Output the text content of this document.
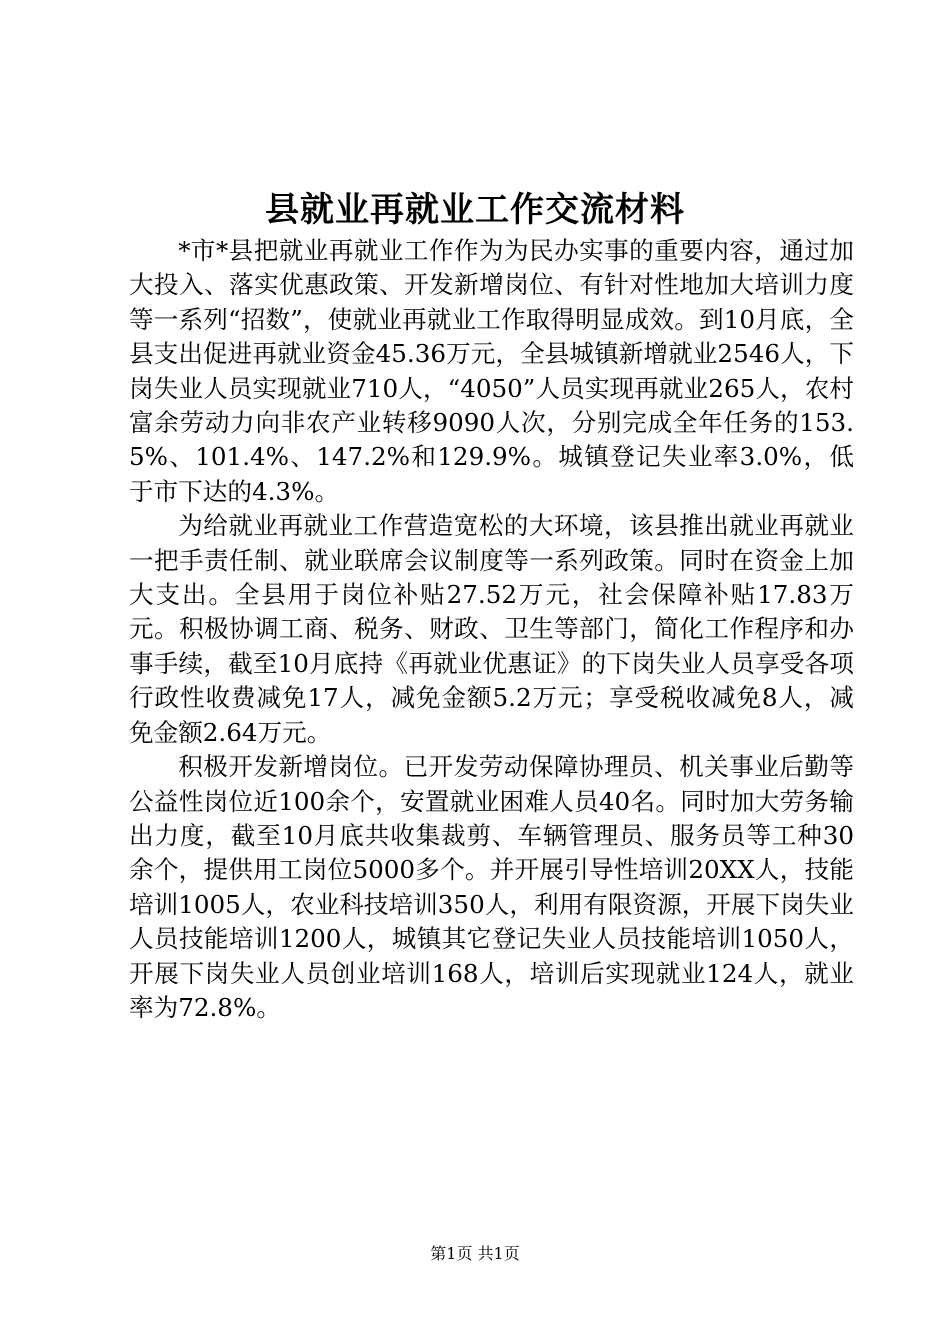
县就业再就业工作交流材料

*市*县把就业再就业工作作为为民办实事的重要内容，通过加大投入、落实优惠政策、开发新增岗位、有针对性地加大培训力度等一系列“招数”，使就业再就业工作取得明显成效。到10月底，全县支出促进再就业资金45.36万元，全县城镇新增就业2546人，下岗失业人员实现就业710人，“4050”人员实现再就业265人，农村富余劳动力向非农产业转移9090人次，分别完成全年任务的153.5%、101.4%、147.2%和129.9%。城镇登记失业率3.0%，低于市下达的4.3%。

为给就业再就业工作营造宽松的大环境，该县推出就业再就业一把手责任制、就业联席会议制度等一系列政策。同时在资金上加大支出。全县用于岗位补贴27.52万元，社会保障补贴17.83万元。积极协调工商、税务、财政、卫生等部门，简化工作程序和办事手续，截至10月底持《再就业优惠证》的下岗失业人员享受各项行政性收费减免17人，减免金额5.2万元；享受税收减免8人，减免金额2.64万元。

积极开发新增岗位。已开发劳动保障协理员、机关事业后勤等公益性岗位近100余个，安置就业困难人员40名。同时加大劳务输出力度，截至10月底共收集裁剪、车辆管理员、服务员等工种30余个，提供用工岗位5000多个。并开展引导性培训20XX人，技能培训1005人，农业科技培训350人，利用有限资源，开展下岗失业人员技能培训1200人，城镇其它登记失业人员技能培训1050人，开展下岗失业人员创业培训168人，培训后实现就业124人，就业率为72.8%。

第1页 共1页
